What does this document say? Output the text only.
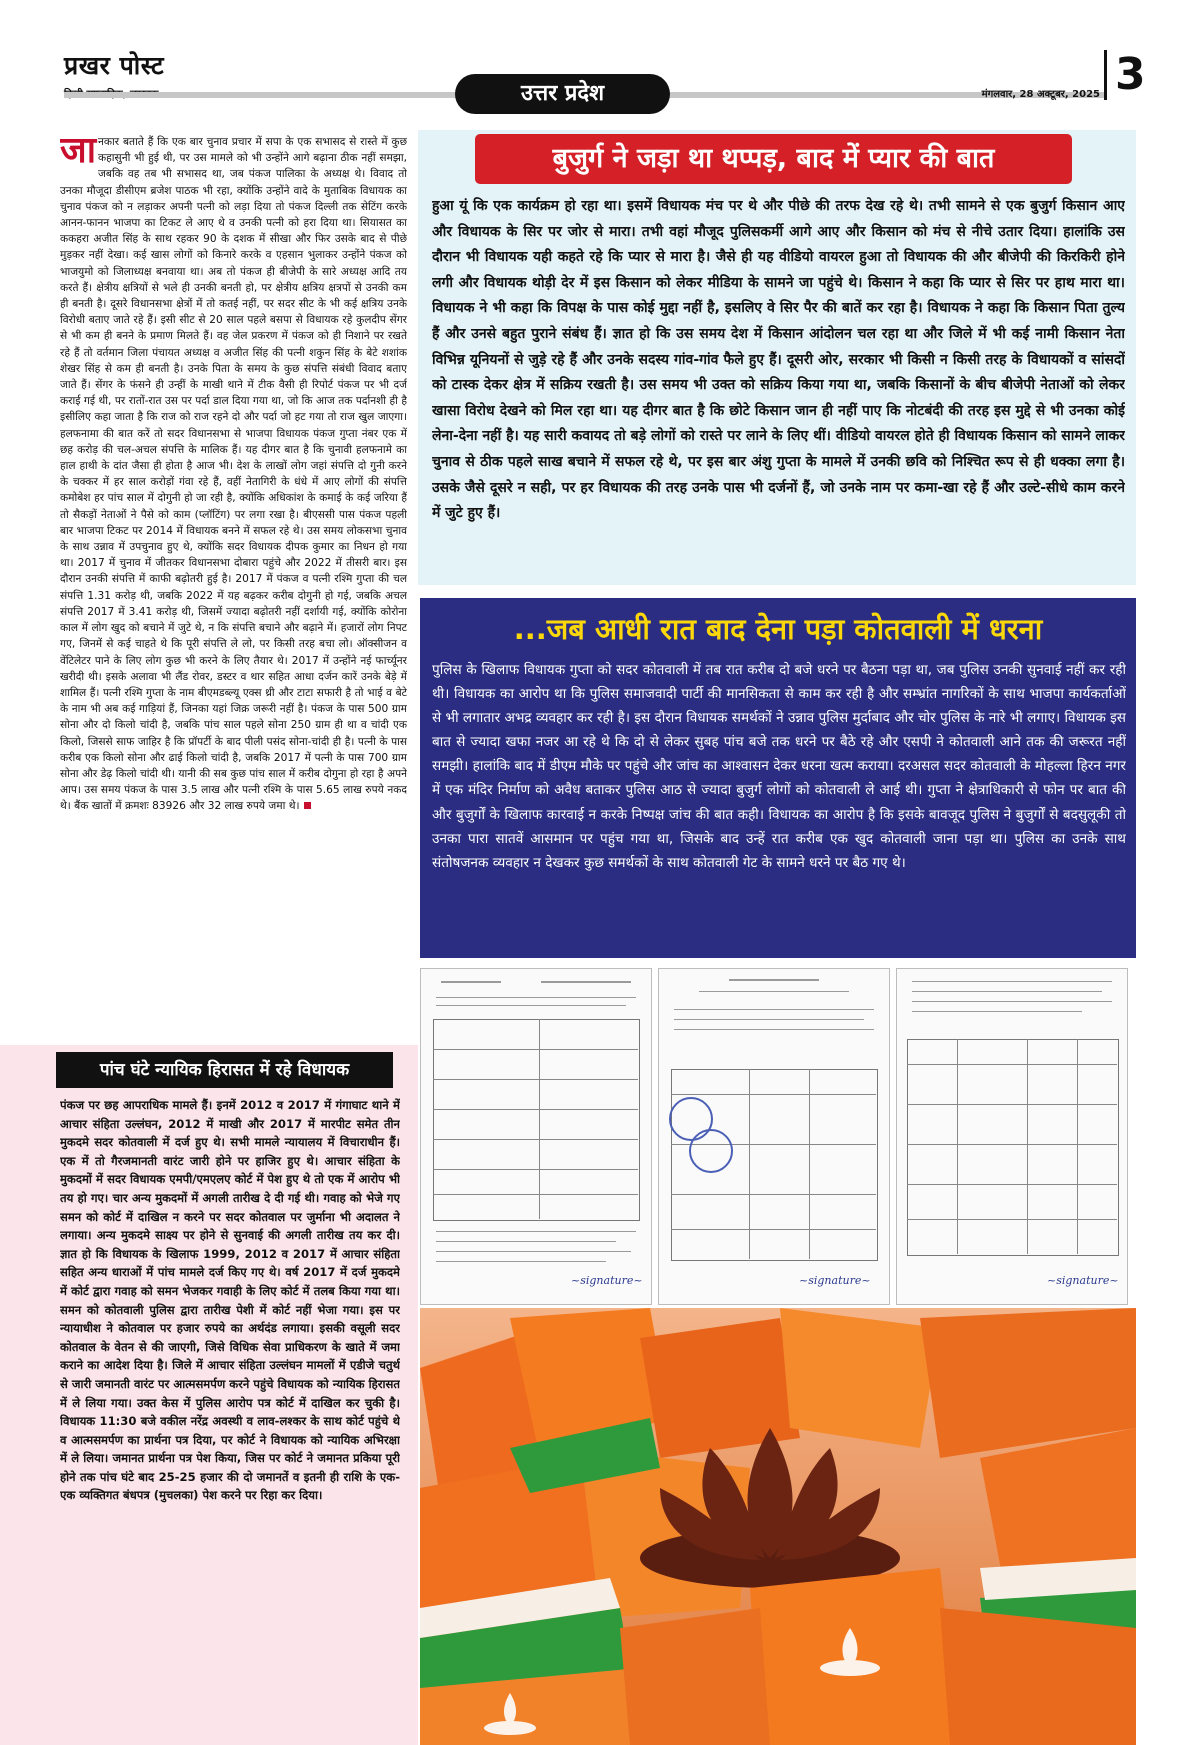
प्रखर पोस्ट
उत्तर प्रदेश	मंगलवार, 28 अक्टूबर, 2025 3
जानकार बताते हैं कि एक बार चुनाव प्रचार में सपा के एक सभासद से रास्ते में कुछ कहासुनी भी हुई थी, पर उस मामले को भी उन्होंने आगे बढ़ाना ठीक नहीं समझा, जबकि वह तब भी सभासद था, जब पंकज पालिका के अध्यक्ष थे। विवाद तो उनका मौजूदा डीसीएम ब्रजेश पाठक भी रहा, क्योंकि उन्होंने वादे के मुताबिक विधायक का चुनाव पंकज को न लड़ाकर अपनी पत्नी को लड़ा दिया तो पंकज दिल्ली तक सेटिंग करके आनन-फानन भाजपा का टिकट ले आए थे व उनकी पत्नी को हरा दिया था। सियासत का ककहरा अजीत सिंह के साथ रहकर 90 के दशक में सीखा और फिर उसके बाद से पीछे मुड़कर नहीं देखा। कई खास लोगों को किनारे करके व एहसान भुलाकर उन्होंने पंकज को भाजयुमो को जिलाध्यक्ष बनवाया था। अब तो पंकज ही बीजेपी के सारे अध्यक्ष आदि तय करते हैं। क्षेत्रीय क्षत्रियों से भले ही उनकी बनती हो, पर क्षेत्रीय क्षत्रिय क्षत्रपों से उनकी कम ही बनती है। दूसरे विधानसभा क्षेत्रों में तो कतई नहीं, पर सदर सीट के भी कई क्षत्रिय उनके विरोधी बताए जाते रहे हैं। इसी सीट से 20 साल पहले बसपा से विधायक रहे कुलदीप सेंगर से भी कम ही बनने के प्रमाण मिलते हैं। वह जेल प्रकरण में पंकज को ही निशाने पर रखते रहे हैं तो वर्तमान जिला पंचायत अध्यक्ष व अजीत सिंह की पत्नी शकुन सिंह के बेटे शशांक शेखर सिंह से कम ही बनती है। उनके पिता के समय के कुछ संपत्ति संबंधी विवाद बताए जाते हैं। सेंगर के फंसने ही उन्हीं के माखी थाने में टीक वैसी ही रिपोर्ट पंकज पर भी दर्ज कराई गई थी, पर रातों-रात उस पर पर्दा डाल दिया गया था, जो कि आज तक पर्दानशी ही है इसीलिए कहा जाता है कि राज को राज रहने दो और पर्दा जो हट गया तो राज खुल जाएगा। हलफनामा की बात करें तो सदर विधानसभा से भाजपा विधायक पंकज गुप्ता नंबर एक में छह करोड़ की चल-अचल संपत्ति के मालिक हैं। यह दीगर बात है कि चुनावी हलफनामे का हाल हाथी के दांत जैसा ही होता है आज भी। देश के लाखों लोग जहां संपत्ति दो गुनी करने के चक्कर में हर साल करोड़ों गंवा रहे हैं, वहीं नेतागिरी के धंधे में आए लोगों की संपत्ति कमोबेश हर पांच साल में दोगुनी हो जा रही है, क्योंकि अधिकांश के कमाई के कई जरिया हैं तो सैकड़ों नेताओं ने पैसे को काम (प्लॉटिंग) पर लगा रखा है। बीएससी पास पंकज पहली बार भाजपा टिकट पर 2014 में विधायक बनने में सफल रहे थे। उस समय लोकसभा चुनाव के साथ उन्नाव में उपचुनाव हुए थे, क्योंकि सदर विधायक दीपक कुमार का निधन हो गया था। 2017 में चुनाव में जीतकर विधानसभा दोबारा पहुंचे और 2022 में तीसरी बार। इस दौरान उनकी संपत्ति में काफी बढ़ोतरी हुई है। 2017 में पंकज व पत्नी रश्मि गुप्ता की चल संपत्ति 1.31 करोड़ थी, जबकि 2022 में यह बढ़कर करीब दोगुनी हो गई, जबकि अचल संपत्ति 2017 में 3.41 करोड़ थी, जिसमें ज्यादा बढ़ोतरी नहीं दर्शायी गई, क्योंकि कोरोना काल में लोग खुद को बचाने में जुटे थे, न कि संपत्ति बचाने और बढ़ाने में। हजारों लोग निपट गए, जिनमें से कई चाहते थे कि पूरी संपत्ति ले लो, पर किसी तरह बचा लो। ऑक्सीजन व वेंटिलेटर पाने के लिए लोग कुछ भी करने के लिए तैयार थे। 2017 में उन्होंने नई फार्च्यूनर खरीदी थी। इसके अलावा भी लैंड रोवर, डस्टर व थार सहित आधा दर्जन कारें उनके बेड़े में शामिल हैं। पत्नी रश्मि गुप्ता के नाम बीएमडब्ल्यू एक्स थ्री और टाटा सफारी है तो भाई व बेटे के नाम भी अब कई गाड़ियां हैं, जिनका यहां जिक्र जरूरी नहीं है। पंकज के पास 500 ग्राम सोना और दो किलो चांदी है, जबकि पांच साल पहले सोना 250 ग्राम ही था व चांदी एक किलो, जिससे साफ जाहिर है कि प्रॉपर्टी के बाद पीली पसंद सोना-चांदी ही है। पत्नी के पास करीब एक किलो सोना और ढाई किलो चांदी है, जबकि 2017 में पत्नी के पास 700 ग्राम सोना और डेढ़ किलो चांदी थी। यानी की सब कुछ पांच साल में करीब दोगुना हो रहा है अपने आप। उस समय पंकज के पास 3.5 लाख और पत्नी रश्मि के पास 5.65 लाख रुपये नकद थे। बैंक खातों में क्रमशः 83926 और 32 लाख रुपये जमा थे।
पांच घंटे न्यायिक हिरासत में रहे विधायक
पंकज पर छह आपराधिक मामले हैं। इनमें 2012 व 2017 में गंगाघाट थाने में आचार संहिता उल्लंघन, 2012 में माखी और 2017 में मारपीट समेत तीन मुकदमे सदर कोतवाली में दर्ज हुए थे। सभी मामले न्यायालय में विचाराधीन हैं। एक में तो गैरजमानती वारंट जारी होने पर हाजिर हुए थे। आचार संहिता के मुकदमों में सदर विधायक एमपी/एमएलए कोर्ट में पेश हुए थे तो एक में आरोप भी तय हो गए। चार अन्य मुकदमों में अगली तारीख दे दी गई थी। गवाह को भेजे गए समन को कोर्ट में दाखिल न करने पर सदर कोतवाल पर जुर्माना भी अदालत ने लगाया। अन्य मुकदमे साक्ष्य पर होने से सुनवाई की अगली तारीख तय कर दी। ज्ञात हो कि विधायक के खिलाफ 1999, 2012 व 2017 में आचार संहिता सहित अन्य धाराओं में पांच मामले दर्ज किए गए थे। वर्ष 2017 में दर्ज मुकदमे में कोर्ट द्वारा गवाह को समन भेजकर गवाही के लिए कोर्ट में तलब किया गया था। समन को कोतवाली पुलिस द्वारा तारीख पेशी में कोर्ट नहीं भेजा गया। इस पर न्यायाधीश ने कोतवाल पर हजार रुपये का अर्थदंड लगाया। इसकी वसूली सदर कोतवाल के वेतन से की जाएगी, जिसे विधिक सेवा प्राधिकरण के खाते में जमा कराने का आदेश दिया है। जिले में आचार संहिता उल्लंघन मामलों में एडीजे चतुर्थ से जारी जमानती वारंट पर आत्मसमर्पण करने पहुंचे विधायक को न्यायिक हिरासत में ले लिया गया। उक्त केस में पुलिस आरोप पत्र कोर्ट में दाखिल कर चुकी है। विधायक 11:30 बजे वकील नरेंद्र अवस्थी व लाव-लश्कर के साथ कोर्ट पहुंचे थे व आत्मसमर्पण का प्रार्थना पत्र दिया, पर कोर्ट ने विधायक को न्यायिक अभिरक्षा में ले लिया। जमानत प्रार्थना पत्र पेश किया, जिस पर कोर्ट ने जमानत प्रकिया पूरी होने तक पांच घंटे बाद 25-25 हजार की दो जमानतें व इतनी ही राशि के एक-एक व्यक्तिगत बंधपत्र (मुचलका) पेश करने पर रिहा कर दिया।
बुजुर्ग ने जड़ा था थप्पड़, बाद में प्यार की बात
हुआ यूं कि एक कार्यक्रम हो रहा था। इसमें विधायक मंच पर थे और पीछे की तरफ देख रहे थे। तभी सामने से एक बुजुर्ग किसान आए और विधायक के सिर पर जोर से मारा। तभी वहां मौजूद पुलिसकर्मी आगे आए और किसान को मंच से नीचे उतार दिया। हालांकि उस दौरान भी विधायक यही कहते रहे कि प्यार से मारा है। जैसे ही यह वीडियो वायरल हुआ तो विधायक की और बीजेपी की किरकिरी होने लगी और विधायक थोड़ी देर में इस किसान को लेकर मीडिया के सामने जा पहुंचे थे। किसान ने कहा कि प्यार से सिर पर हाथ मारा था। विधायक ने भी कहा कि विपक्ष के पास कोई मुद्दा नहीं है, इसलिए वे सिर पैर की बातें कर रहा है। विधायक ने कहा कि किसान पिता तुल्य हैं और उनसे बहुत पुराने संबंध हैं। ज्ञात हो कि उस समय देश में किसान आंदोलन चल रहा था और जिले में भी कई नामी किसान नेता विभिन्न यूनियनों से जुड़े रहे हैं और उनके सदस्य गांव-गांव फैले हुए हैं। दूसरी ओर, सरकार भी किसी न किसी तरह के विधायकों व सांसदों को टास्क देकर क्षेत्र में सक्रिय रखती है। उस समय भी उक्त को सक्रिय किया गया था, जबकि किसानों के बीच बीजेपी नेताओं को लेकर खासा विरोध देखने को मिल रहा था। यह दीगर बात है कि छोटे किसान जान ही नहीं पाए कि नोटबंदी की तरह इस मुद्दे से भी उनका कोई लेना-देना नहीं है। यह सारी कवायद तो बड़े लोगों को रास्ते पर लाने के लिए थीं। वीडियो वायरल होते ही विधायक किसान को सामने लाकर चुनाव से ठीक पहले साख बचाने में सफल रहे थे, पर इस बार अंशु गुप्ता के मामले में उनकी छवि को निश्चित रूप से ही धक्का लगा है। उसके जैसे दूसरे न सही, पर हर विधायक की तरह उनके पास भी दर्जनों हैं, जो उनके नाम पर कमा-खा रहे हैं और उल्टे-सीधे काम करने में जुटे हुए हैं।
...जब आधी रात बाद देना पड़ा कोतवाली में धरना
पुलिस के खिलाफ विधायक गुप्ता को सदर कोतवाली में तब रात करीब दो बजे धरने पर बैठना पड़ा था, जब पुलिस उनकी सुनवाई नहीं कर रही थी। विधायक का आरोप था कि पुलिस समाजवादी पार्टी की मानसिकता से काम कर रही है और सम्भ्रांत नागरिकों के साथ भाजपा कार्यकर्ताओं से भी लगातार अभद्र व्यवहार कर रही है। इस दौरान विधायक समर्थकों ने उन्नाव पुलिस मुर्दाबाद और चोर पुलिस के नारे भी लगाए। विधायक इस बात से ज्यादा खफा नजर आ रहे थे कि दो से लेकर सुबह पांच बजे तक धरने पर बैठे रहे और एसपी ने कोतवाली आने तक की जरूरत नहीं समझी। हालांकि बाद में डीएम मौके पर पहुंचे और जांच का आश्वासन देकर धरना खत्म कराया। दरअसल सदर कोतवाली के मोहल्ला हिरन नगर में एक मंदिर निर्माण को अवैध बताकर पुलिस आठ से ज्यादा बुजुर्ग लोगों को कोतवाली ले आई थी। गुप्ता ने क्षेत्राधिकारी से फोन पर बात की और बुजुर्गों के खिलाफ कारवाई न करके निष्पक्ष जांच की बात कही। विधायक का आरोप है कि इसके बावजूद पुलिस ने बुजुर्गों से बदसुलूकी तो उनका पारा सातवें आसमान पर पहुंच गया था, जिसके बाद उन्हें रात करीब एक खुद कोतवाली जाना पड़ा था। पुलिस का उनके साथ संतोषजनक व्यवहार न देखकर कुछ समर्थकों के साथ कोतवाली गेट के सामने धरने पर बैठ गए थे।
~signature~	~signature~	~signature~
